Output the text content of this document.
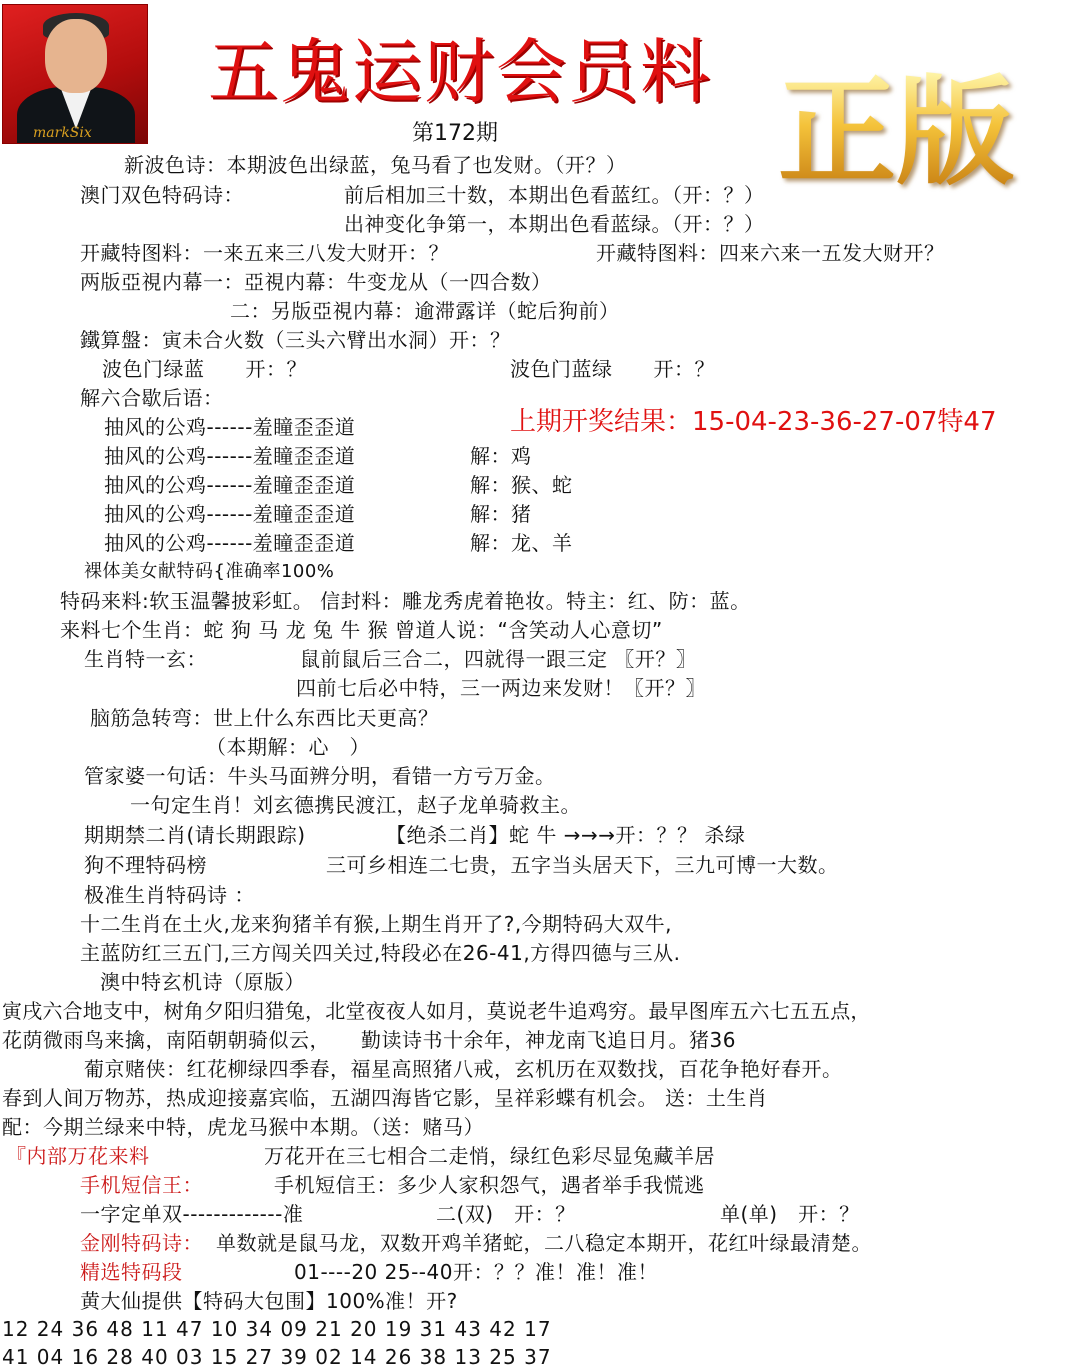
markSix
五鬼运财会员料 正版
第172期
新波色诗：本期波色出绿蓝，兔马看了也发财。（开？）
澳门双色特码诗：	前后相加三十数，本期出色看蓝红。（开：？）
出神变化争第一，本期出色看蓝绿。（开：？）
开藏特图料：一来五来三八发大财开：？	开藏特图料：四来六来一五发大财开？
两版亞視内幕一：亞視内幕：牛变龙从（一四合数）
二：另版亞視内幕：逾滞露详（蛇后狗前）
鐵算盤：寅未合火数（三头六臂出水洞）开：？
波色门绿蓝　　开：？	波色门蓝绿　　开：？
解六合歇后语：
抽风的公鸡------羞瞳歪歪道	上期开奖结果：15-04-23-36-27-07特47
抽风的公鸡------羞瞳歪歪道	解：鸡
抽风的公鸡------羞瞳歪歪道	解：猴、蛇
抽风的公鸡------羞瞳歪歪道	解：猪
抽风的公鸡------羞瞳歪歪道	解：龙、羊
裸体美女献特码{准确率100%
特码来料:软玉温馨披彩虹。 信封料：雕龙秀虎着艳妆。特主：红、防：蓝。
来料七个生肖：蛇 狗 马 龙 兔 牛 猴 曾道人说：“含笑动人心意切”
生肖特一玄：	鼠前鼠后三合二，四就得一跟三定 〖开？〗
四前七后必中特，三一两边来发财！〖开？〗
脑筋急转弯：世上什么东西比天更高？
（本期解：心　）
管家婆一句话：牛头马面辨分明，看错一方亏万金。
一句定生肖！刘玄德携民渡江，赵子龙单骑救主。
期期禁二肖(请长期跟踪)	【绝杀二肖】蛇 牛 →→→开：？？ 杀绿
狗不理特码榜	三可乡相连二七贵，五字当头居天下，三九可博一大数。
极准生肖特码诗 ：
十二生肖在土火,龙来狗猪羊有猴,上期生肖开了?,今期特码大双牛,
主蓝防红三五门,三方闯关四关过,特段必在26-41,方得四德与三从.
澳中特玄机诗（原版）
寅戌六合地支中，树角夕阳归猎兔，北堂夜夜人如月，莫说老牛追鸡穷。最早图库五六七五五点，
花荫微雨鸟来擒，南陌朝朝骑似云，　　勤读诗书十余年，神龙南飞追日月。猪36
葡京赌侠：红花柳绿四季春，福星高照猪八戒，玄机历在双数找，百花争艳好春开。
春到人间万物苏，热成迎接嘉宾临，五湖四海皆它影，呈祥彩蝶有机会。 送：土生肖
配：今期兰绿来中特，虎龙马猴中本期。（送：赌马）
『内部万花来料	万花开在三七相合二走悄，绿红色彩尽显兔藏羊居
手机短信王：	手机短信王：多少人家积怨气，遇者举手我慌逃
一字定单双-------------准	二(双)　开：？	单(单)　开：？
金刚特码诗： 单数就是鼠马龙，双数开鸡羊猪蛇，二八稳定本期开，花红叶绿最清楚。
精选特码段	01----20 25--40开：？？准！准！准！
黄大仙提供【特码大包围】100%准！开?
12 24 36 48 11 47 10 34 09 21 20 19 31 43 42 17
41 04 16 28 40 03 15 27 39 02 14 26 38 13 25 37
